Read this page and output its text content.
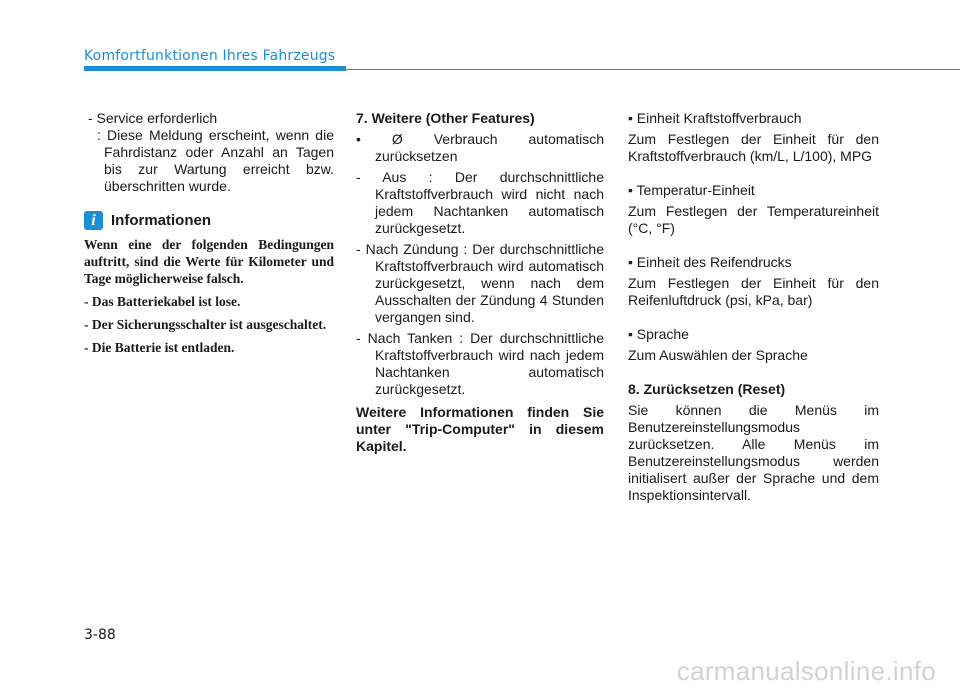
Komfortfunktionen Ihres Fahrzeugs

- Service erforderlich

: Diese Meldung erscheint, wenn die Fahrdistanz oder Anzahl an Tagen bis zur Wartung erreicht bzw. überschritten wurde.

i	Informationen

Wenn eine der folgenden Bedingungen auftritt, sind die Werte für Kilometer und Tage möglicherweise falsch.

- Das Batteriekabel ist lose.

- Der Sicherungsschalter ist ausgeschaltet.

- Die Batterie ist entladen.

7. Weitere (Other Features)

• Ø Verbrauch automatisch zurücksetzen

- Aus : Der durchschnittliche Kraftstoffverbrauch wird nicht nach jedem Nachtanken automatisch zurückgesetzt.

- Nach Zündung : Der durchschnittliche Kraftstoffverbrauch wird automatisch zurückgesetzt, wenn nach dem Ausschalten der Zündung 4 Stunden vergangen sind.

- Nach Tanken : Der durchschnittliche Kraftstoffverbrauch wird nach jedem Nachtanken automatisch zurückgesetzt.

Weitere Informationen finden Sie unter "Trip-Computer" in diesem Kapitel.

• Einheit Kraftstoffverbrauch

Zum Festlegen der Einheit für den Kraftstoffverbrauch (km/L, L/100), MPG

• Temperatur-Einheit

Zum Festlegen der Temperatureinheit (°C, °F)

• Einheit des Reifendrucks

Zum Festlegen der Einheit für den Reifenluftdruck (psi, kPa, bar)

• Sprache

Zum Auswählen der Sprache

8. Zurücksetzen (Reset)

Sie können die Menüs im Benutzereinstellungsmodus zurücksetzen. Alle Menüs im Benutzereinstellungsmodus werden initialisert außer der Sprache und dem Inspektionsintervall.

3-88
carmanualsonline.info
